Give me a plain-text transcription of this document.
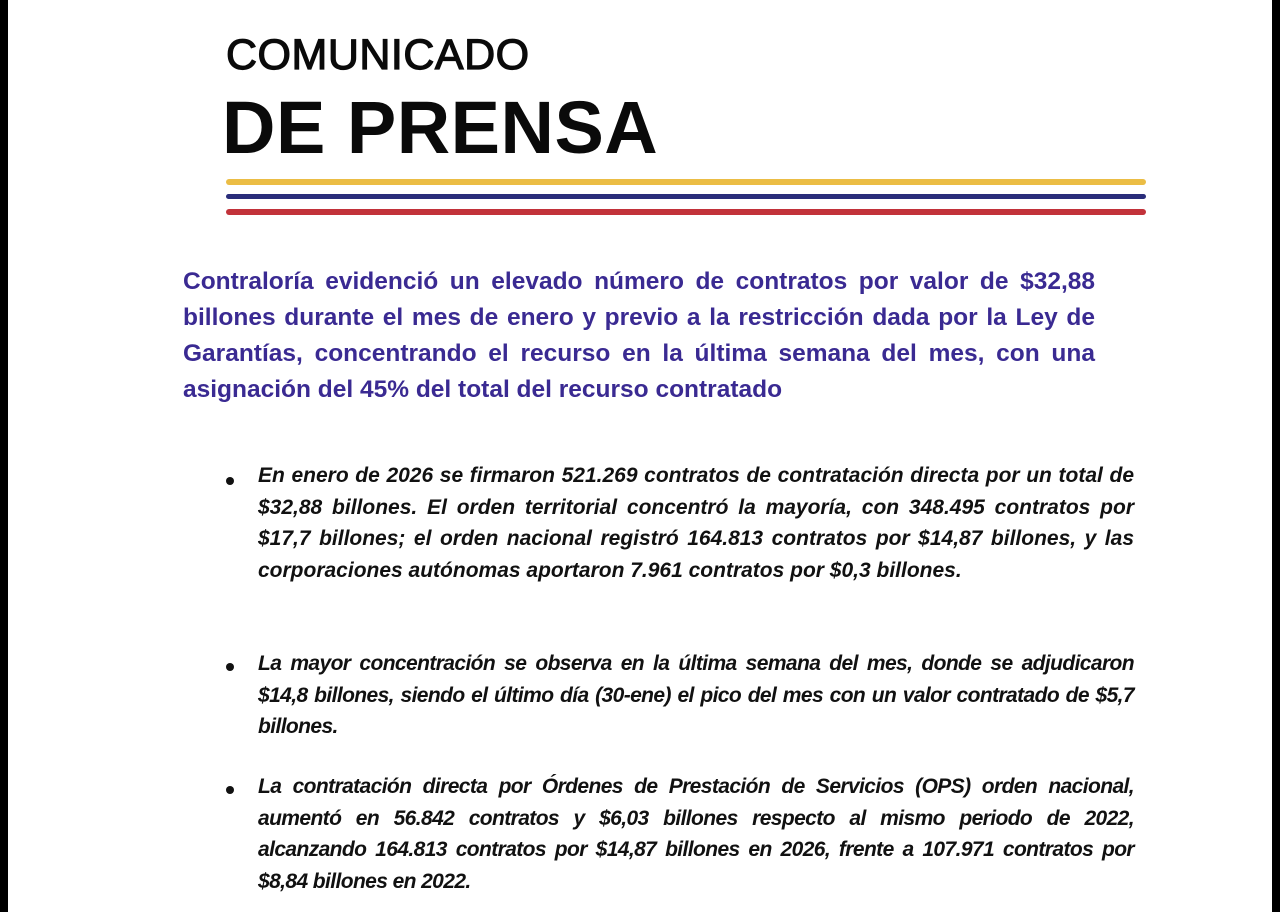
COMUNICADO
DE PRENSA
Contraloría evidenció un elevado número de contratos por valor de $32,88 billones durante el mes de enero y previo a la restricción dada por la Ley de Garantías, concentrando el recurso en la última semana del mes, con una asignación del 45% del total del recurso contratado

En enero de 2026 se firmaron 521.269 contratos de contratación directa por un total de $32,88 billones. El orden territorial concentró la mayoría, con 348.495 contratos por $17,7 billones; el orden nacional registró 164.813 contratos por $14,87 billones, y las corporaciones autónomas aportaron 7.961 contratos por $0,3 billones.

La mayor concentración se observa en la última semana del mes, donde se adjudicaron $14,8 billones, siendo el último día (30-ene) el pico del mes con un valor contratado de $5,7 billones.

La contratación directa por Órdenes de Prestación de Servicios (OPS) orden nacional, aumentó en 56.842 contratos y $6,03 billones respecto al mismo periodo de 2022, alcanzando 164.813 contratos por $14,87 billones en 2026, frente a 107.971 contratos por $8,84 billones en 2022.
